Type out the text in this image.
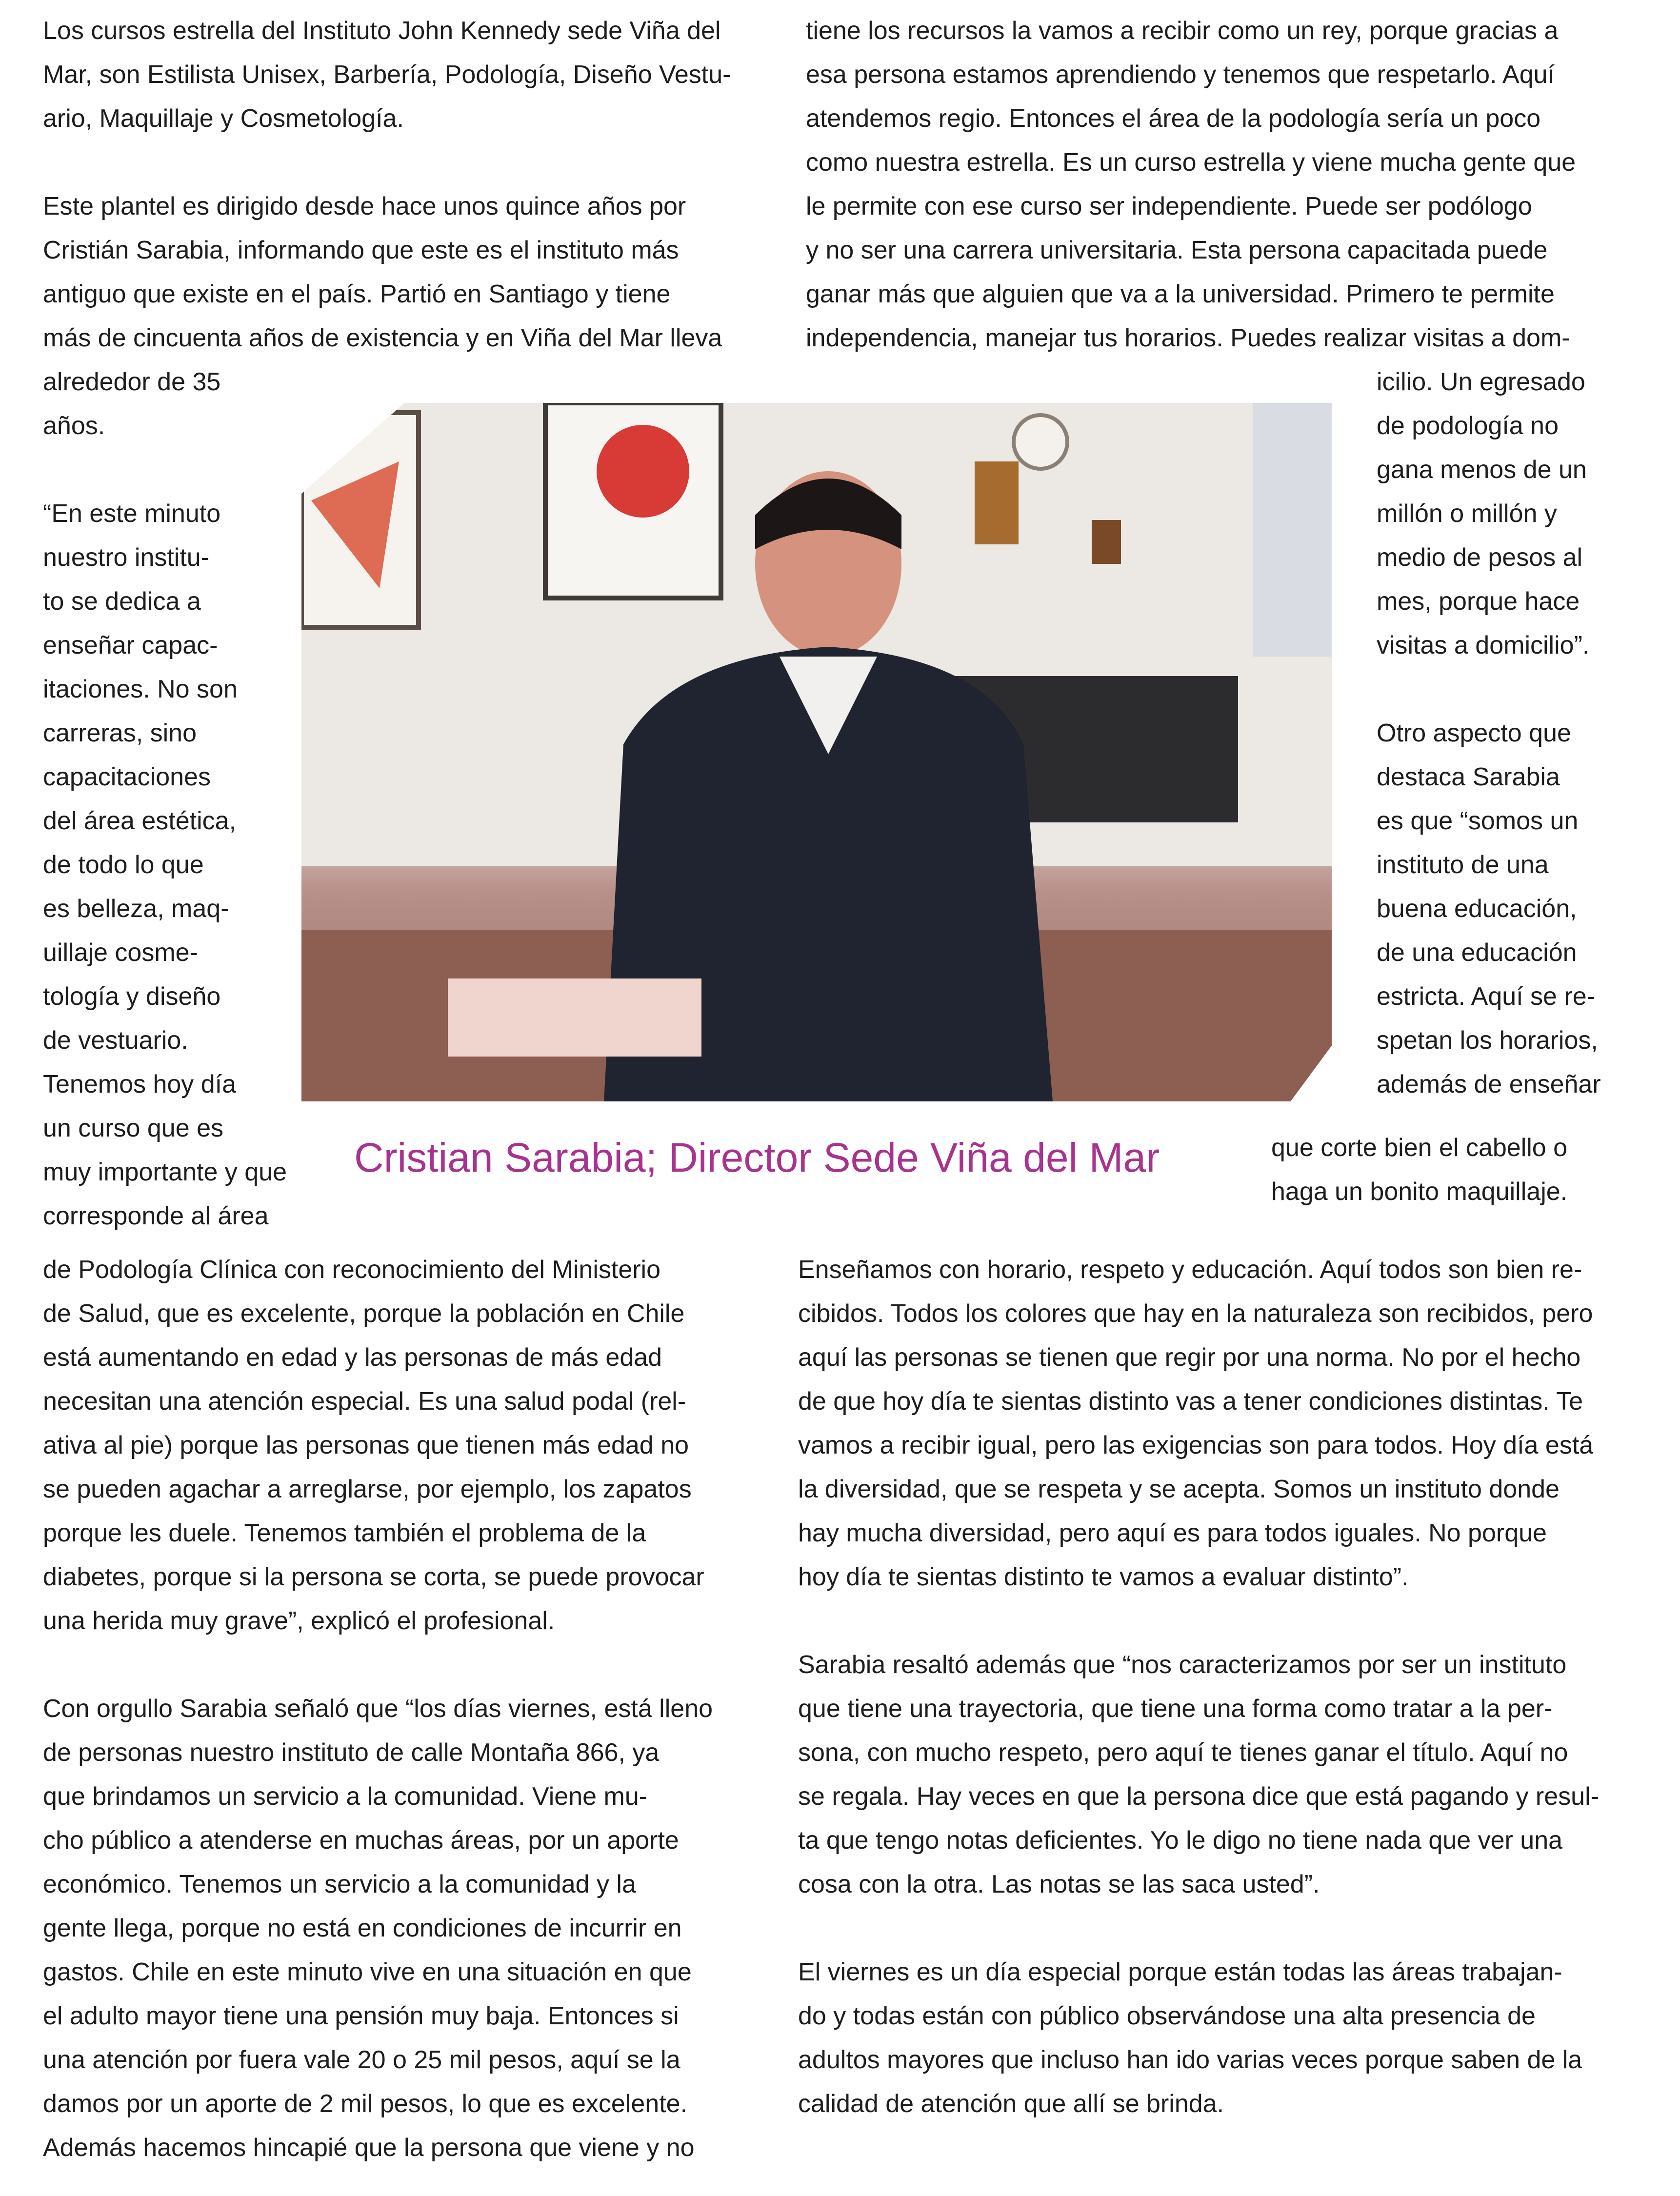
Los cursos estrella del Instituto John Kennedy sede Viña del
Mar, son Estilista Unisex, Barbería, Podología, Diseño Vestu-
ario, Maquillaje y Cosmetología.

Este plantel es dirigido desde hace unos quince años por
Cristián Sarabia, informando que este es el instituto más
antiguo que existe en el país. Partió en Santiago y tiene
más de cincuenta años de existencia y en Viña del Mar lleva
alrededor de 35
años.
“En este minuto
nuestro institu-
to se dedica a
enseñar capac-
itaciones. No son
carreras, sino
capacitaciones
del área estética,
de todo lo que
es belleza, maq-
uillaje cosme-
tología y diseño
de vestuario.
Tenemos hoy día
un curso que es
muy importante y que
corresponde al área
tiene los recursos la vamos a recibir como un rey, porque gracias a
esa persona estamos aprendiendo y tenemos que respetarlo. Aquí
atendemos regio. Entonces el área de la podología sería un poco
como nuestra estrella. Es un curso estrella y viene mucha gente que
le permite con ese curso ser independiente. Puede ser podólogo
y no ser una carrera universitaria. Esta persona capacitada puede
ganar más que alguien que va a la universidad. Primero te permite
independencia, manejar tus horarios. Puedes realizar visitas a dom-
icilio. Un egresado
de podología no
gana menos de un
millón o millón y
medio de pesos al
mes, porque hace
visitas a domicilio”.

Otro aspecto que
destaca Sarabia
es que “somos un
instituto de una
buena educación,
de una educación
estricta. Aquí se re-
spetan los horarios,
además de enseñar
que corte bien el cabello o
haga un bonito maquillaje.

Cristian Sarabia; Director Sede Viña del Mar

de Podología Clínica con reconocimiento del Ministerio
de Salud, que es excelente, porque la población en Chile
está aumentando en edad y las personas de más edad
necesitan una atención especial. Es una salud podal (rel-
ativa al pie) porque las personas que tienen más edad no
se pueden agachar a arreglarse, por ejemplo, los zapatos
porque les duele. Tenemos también el problema de la
diabetes, porque si la persona se corta, se puede provocar
una herida muy grave”, explicó el profesional.

Con orgullo Sarabia señaló que “los días viernes, está lleno
de personas nuestro instituto de calle Montaña 866, ya
que brindamos un servicio a la comunidad. Viene mu-
cho público a atenderse en muchas áreas, por un aporte
económico. Tenemos un servicio a la comunidad y la
gente llega, porque no está en condiciones de incurrir en
gastos. Chile en este minuto vive en una situación en que
el adulto mayor tiene una pensión muy baja. Entonces si
una atención por fuera vale 20 o 25 mil pesos, aquí se la
damos por un aporte de 2 mil pesos, lo que es excelente.
Además hacemos hincapié que la persona que viene y no
Enseñamos con horario, respeto y educación. Aquí todos son bien re-
cibidos. Todos los colores que hay en la naturaleza son recibidos, pero
aquí las personas se tienen que regir por una norma. No por el hecho
de que hoy día te sientas distinto vas a tener condiciones distintas. Te
vamos a recibir igual, pero las exigencias son para todos. Hoy día está
la diversidad, que se respeta y se acepta. Somos un instituto donde
hay mucha diversidad, pero aquí es para todos iguales. No porque
hoy día te sientas distinto te vamos a evaluar distinto”.

Sarabia resaltó además que “nos caracterizamos por ser un instituto
que tiene una trayectoria, que tiene una forma como tratar a la per-
sona, con mucho respeto, pero aquí te tienes ganar el título. Aquí no
se regala. Hay veces en que la persona dice que está pagando y resul-
ta que tengo notas deficientes. Yo le digo no tiene nada que ver una
cosa con la otra. Las notas se las saca usted”.

El viernes es un día especial porque están todas las áreas trabajan-
do y todas están con público observándose una alta presencia de
adultos mayores que incluso han ido varias veces porque saben de la
calidad de atención que allí se brinda.
